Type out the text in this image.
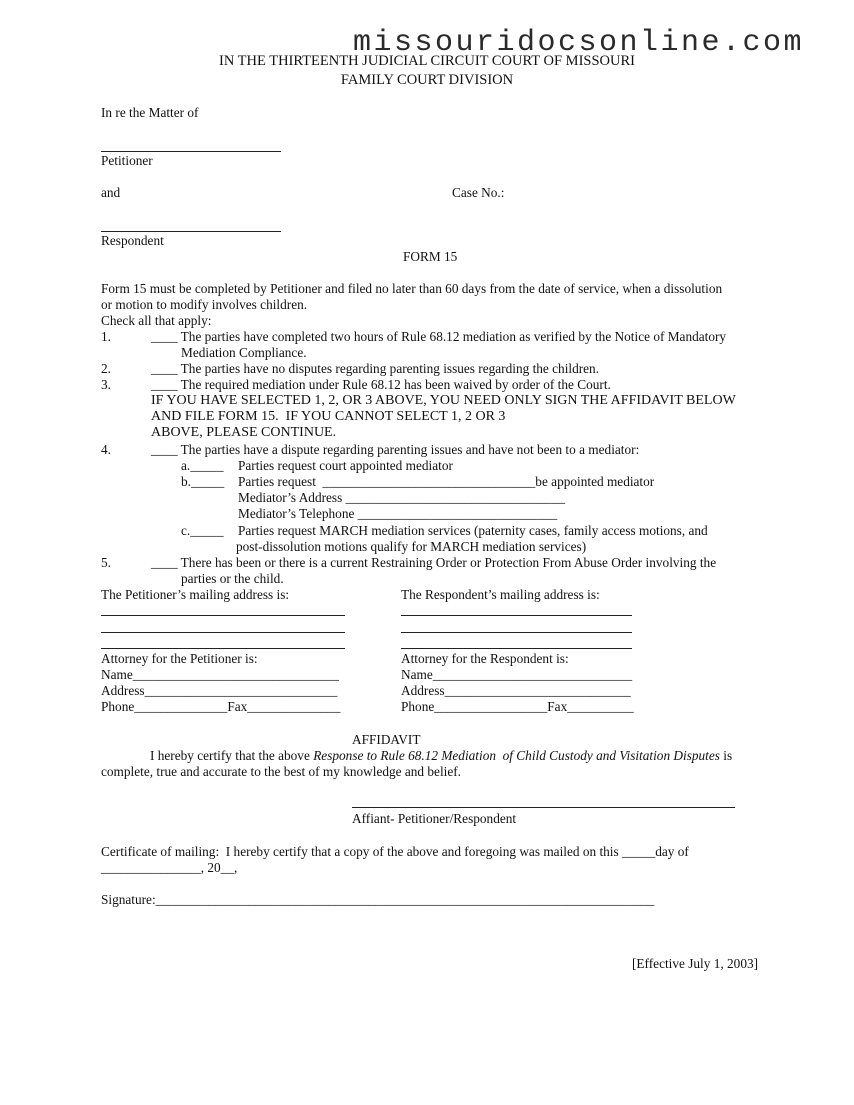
missouridocsonline.com
IN THE THIRTEENTH JUDICIAL CIRCUIT COURT OF MISSOURI
FAMILY COURT DIVISION
In re the Matter of
Petitioner
and	Case No.:
Respondent
FORM 15
Form 15 must be completed by Petitioner and filed no later than 60 days from the date of service, when a dissolution
or motion to modify involves children.
Check all that apply:
1.	____ The parties have completed two hours of Rule 68.12 mediation as verified by the Notice of Mandatory
Mediation Compliance.
2.	____ The parties have no disputes regarding parenting issues regarding the children.
3.	____ The required mediation under Rule 68.12 has been waived by order of the Court.
IF YOU HAVE SELECTED 1, 2, OR 3 ABOVE, YOU NEED ONLY SIGN THE AFFIDAVIT BELOW
AND FILE FORM 15.  IF YOU CANNOT SELECT 1, 2 OR 3
ABOVE, PLEASE CONTINUE.
4.	____ The parties have a dispute regarding parenting issues and have not been to a mediator:
a._____ Parties request court appointed mediator
b._____ Parties request  ________________________________be appointed mediator
Mediator’s Address _________________________________
Mediator’s Telephone ______________________________
c._____ Parties request MARCH mediation services (paternity cases, family access motions, and
post-dissolution motions qualify for MARCH mediation services)
5.	____ There has been or there is a current Restraining Order or Protection From Abuse Order involving the
parties or the child.
The Petitioner’s mailing address is:	The Respondent’s mailing address is:
Attorney for the Petitioner is:	Attorney for the Respondent is:
Name_______________________________	Name______________________________
Address_____________________________	Address____________________________
Phone______________Fax______________	Phone_________________Fax__________
AFFIDAVIT
I hereby certify that the above Response to Rule 68.12 Mediation  of Child Custody and Visitation Disputes is
complete, true and accurate to the best of my knowledge and belief.
Affiant- Petitioner/Respondent
Certificate of mailing:  I hereby certify that a copy of the above and foregoing was mailed on this _____day of
_______________, 20__,
Signature:___________________________________________________________________________
[Effective July 1, 2003]
